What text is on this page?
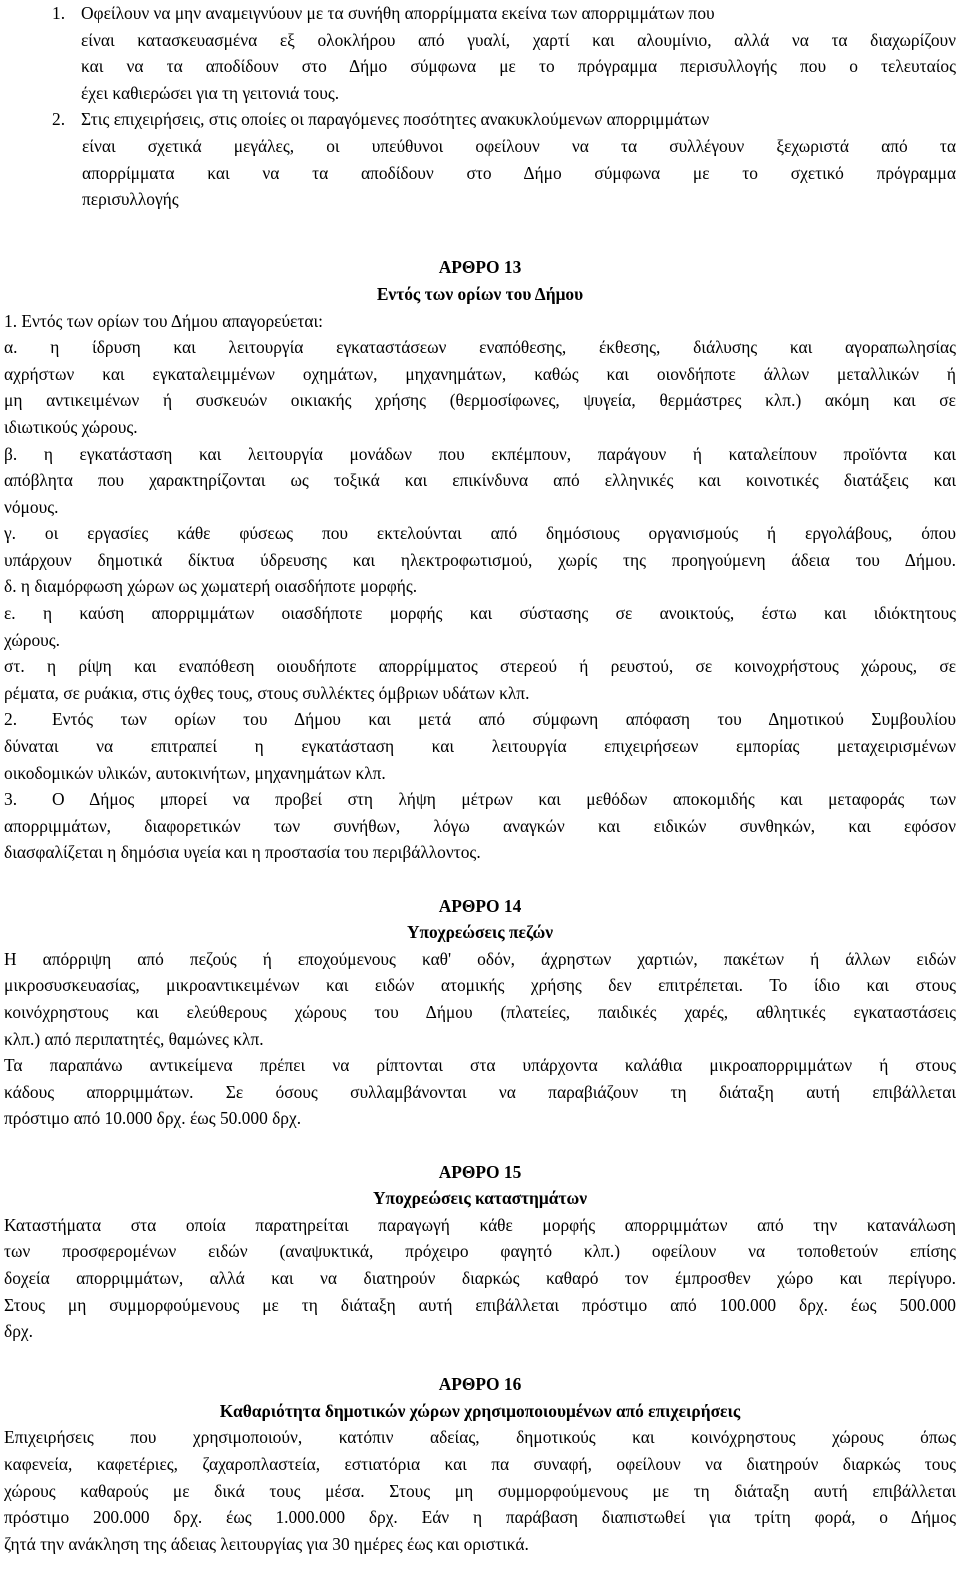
1. Οφείλουν να μην αναμειγνύουν με τα συνήθη απορρίμματα εκείνα των απορριμμάτων που
είναι κατασκευασμένα εξ ολοκλήρου από γυαλί, χαρτί και αλουμίνιο, αλλά να τα διαχωρίζουν
και να τα αποδίδουν στο Δήμο σύμφωνα με το πρόγραμμα περισυλλογής που ο τελευταίος
έχει καθιερώσει για τη γειτονιά τους.
2. Στις επιχειρήσεις, στις οποίες οι παραγόμενες ποσότητες ανακυκλούμενων απορριμμάτων
είναι σχετικά μεγάλες, οι υπεύθυνοι οφείλουν να τα συλλέγουν ξεχωριστά από τα
απορρίμματα και να τα αποδίδουν στο Δήμο σύμφωνα με το σχετικό πρόγραμμα
περισυλλογής
ΑΡΘΡΟ 13
Εντός των ορίων του Δήμου
1. Εντός των ορίων του Δήμου απαγορεύεται:
α. η ίδρυση και λειτουργία εγκαταστάσεων εναπόθεσης, έκθεσης, διάλυσης και αγοραπωλησίας
αχρήστων και εγκαταλειμμένων οχημάτων, μηχανημάτων, καθώς και οιονδήποτε άλλων μεταλλικών ή
μη αντικειμένων ή συσκευών οικιακής χρήσης (θερμοσίφωνες, ψυγεία, θερμάστρες κλπ.) ακόμη και σε
ιδιωτικούς χώρους.
β. η εγκατάσταση και λειτουργία μονάδων που εκπέμπουν, παράγουν ή καταλείπουν προϊόντα και
απόβλητα που χαρακτηρίζονται ως τοξικά και επικίνδυνα από ελληνικές και κοινοτικές διατάξεις και
νόμους.
γ. οι εργασίες κάθε φύσεως που εκτελούνται από δημόσιους οργανισμούς ή εργολάβους, όπου
υπάρχουν δημοτικά δίκτυα ύδρευσης και ηλεκτροφωτισμού, χωρίς της προηγούμενη άδεια του Δήμου.
δ. η διαμόρφωση χώρων ως χωματερή οιασδήποτε μορφής.
ε. η καύση απορριμμάτων οιασδήποτε μορφής και σύστασης σε ανοικτούς, έστω και ιδιόκτητους
χώρους.
στ. η ρίψη και εναπόθεση οιουδήποτε απορρίμματος στερεού ή ρευστού, σε κοινοχρήστους χώρους, σε
ρέματα, σε ρυάκια, στις όχθες τους, στους συλλέκτες όμβριων υδάτων κλπ.
2. Εντός των ορίων του Δήμου και μετά από σύμφωνη απόφαση του Δημοτικού Συμβουλίου
δύναται να επιτραπεί η εγκατάσταση και λειτουργία επιχειρήσεων εμπορίας μεταχειρισμένων
οικοδομικών υλικών, αυτοκινήτων, μηχανημάτων κλπ.
3. Ο Δήμος μπορεί να προβεί στη λήψη μέτρων και μεθόδων αποκομιδής και μεταφοράς των
απορριμμάτων, διαφορετικών των συνήθων, λόγω αναγκών και ειδικών συνθηκών, και εφόσον
διασφαλίζεται η δημόσια υγεία και η προστασία του περιβάλλοντος.
ΑΡΘΡΟ 14
Υποχρεώσεις πεζών
Η απόρριψη από πεζούς ή εποχούμενους καθ' οδόν, άχρηστων χαρτιών, πακέτων ή άλλων ειδών
μικροσυσκευασίας, μικροαντικειμένων και ειδών ατομικής χρήσης δεν επιτρέπεται. Το ίδιο και στους
κοινόχρηστους και ελεύθερους χώρους του Δήμου (πλατείες, παιδικές χαρές, αθλητικές εγκαταστάσεις
κλπ.) από περιπατητές, θαμώνες κλπ.
Τα παραπάνω αντικείμενα πρέπει να ρίπτονται στα υπάρχοντα καλάθια μικροαπορριμμάτων ή στους
κάδους απορριμμάτων. Σε όσους συλλαμβάνονται να παραβιάζουν τη διάταξη αυτή επιβάλλεται
πρόστιμο από 10.000 δρχ. έως 50.000 δρχ.
ΑΡΘΡΟ 15
Υποχρεώσεις καταστημάτων
Καταστήματα στα οποία παρατηρείται παραγωγή κάθε μορφής απορριμμάτων από την κατανάλωση
των προσφερομένων ειδών (αναψυκτικά, πρόχειρο φαγητό κλπ.) οφείλουν να τοποθετούν επίσης
δοχεία απορριμμάτων, αλλά και να διατηρούν διαρκώς καθαρό τον έμπροσθεν χώρο και περίγυρο.
Στους μη συμμορφούμενους με τη διάταξη αυτή επιβάλλεται πρόστιμο από 100.000 δρχ. έως 500.000
δρχ.
ΑΡΘΡΟ 16
Καθαριότητα δημοτικών χώρων χρησιμοποιουμένων από επιχειρήσεις
Επιχειρήσεις που χρησιμοποιούν, κατόπιν αδείας, δημοτικούς και κοινόχρηστους χώρους όπως
καφενεία, καφετέριες, ζαχαροπλαστεία, εστιατόρια και πα συναφή, οφείλουν να διατηρούν διαρκώς τους
χώρους καθαρούς με δικά τους μέσα. Στους μη συμμορφούμενους με τη διάταξη αυτή επιβάλλεται
πρόστιμο 200.000 δρχ. έως 1.000.000 δρχ. Εάν η παράβαση διαπιστωθεί για τρίτη φορά, ο Δήμος
ζητά την ανάκληση της άδειας λειτουργίας για 30 ημέρες έως και οριστικά.
